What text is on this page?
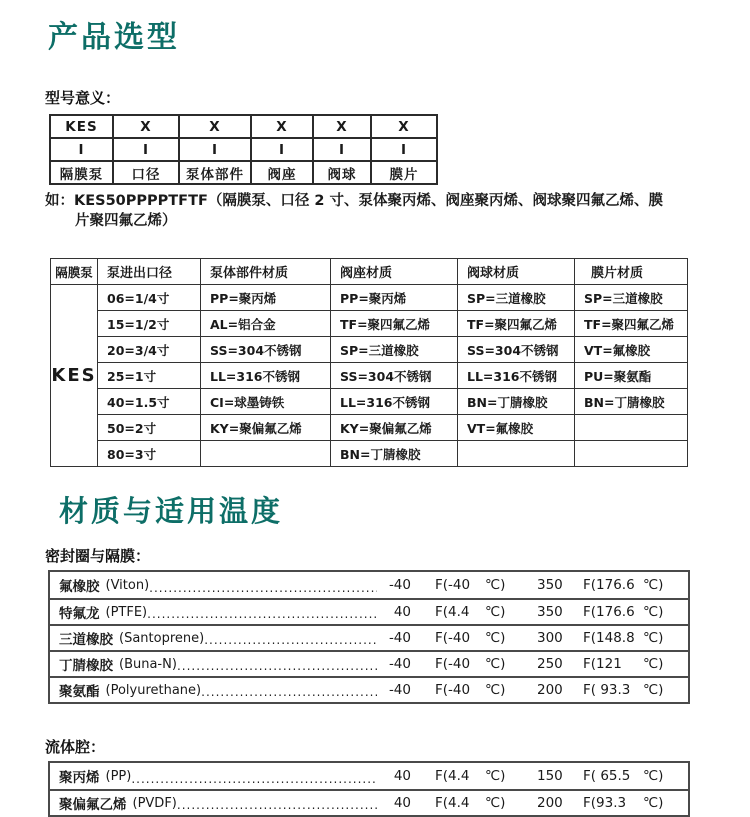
产品选型
型号意义：
KES	X	X	X	X	X
I	I	I	I	I	I
隔膜泵	口径	泵体部件	阀座	阀球	膜片
如：KES50PPPPTFTF（隔膜泵、口径 2 寸、泵体聚丙烯、阀座聚丙烯、阀球聚四氟乙烯、膜
片聚四氟乙烯）
隔膜泵	泵进出口径	泵体部件材质	阀座材质	阀球材质	膜片材质
KES	06=1/4寸	PP=聚丙烯	PP=聚丙烯	SP=三道橡胶	SP=三道橡胶
	15=1/2寸	AL=铝合金	TF=聚四氟乙烯	TF=聚四氟乙烯	TF=聚四氟乙烯
	20=3/4寸	SS=304不锈钢	SP=三道橡胶	SS=304不锈钢	VT=氟橡胶
	25=1寸	LL=316不锈钢	SS=304不锈钢	LL=316不锈钢	PU=聚氨酯
	40=1.5寸	CI=球墨铸铁	LL=316不锈钢	BN=丁腈橡胶	BN=丁腈橡胶
	50=2寸	KY=聚偏氟乙烯	KY=聚偏氟乙烯	VT=氟橡胶	
	80=3寸		BN=丁腈橡胶		
材质与适用温度
密封圈与隔膜：
氟橡胶 (Viton) .....	-40 F(-40	℃)	350	F(176.6 ℃)
特氟龙 (PTFE) .....	40 F(4.4	℃)	350	F(176.6 ℃)
三道橡胶 (Santoprene) .....	-40 F(-40	℃)	300	F(148.8 ℃)
丁腈橡胶 (Buna-N) .....	-40 F(-40	℃)	250	F(121	℃)
聚氨酯 (Polyurethane) .....	-40 F(-40	℃)	200	F( 93.3 ℃)
流体腔：
聚丙烯 (PP) .....	40 F(4.4	℃)	150	F( 65.5 ℃)
聚偏氟乙烯 (PVDF) .....	40 F(4.4	℃)	200	F(93.3	℃)
